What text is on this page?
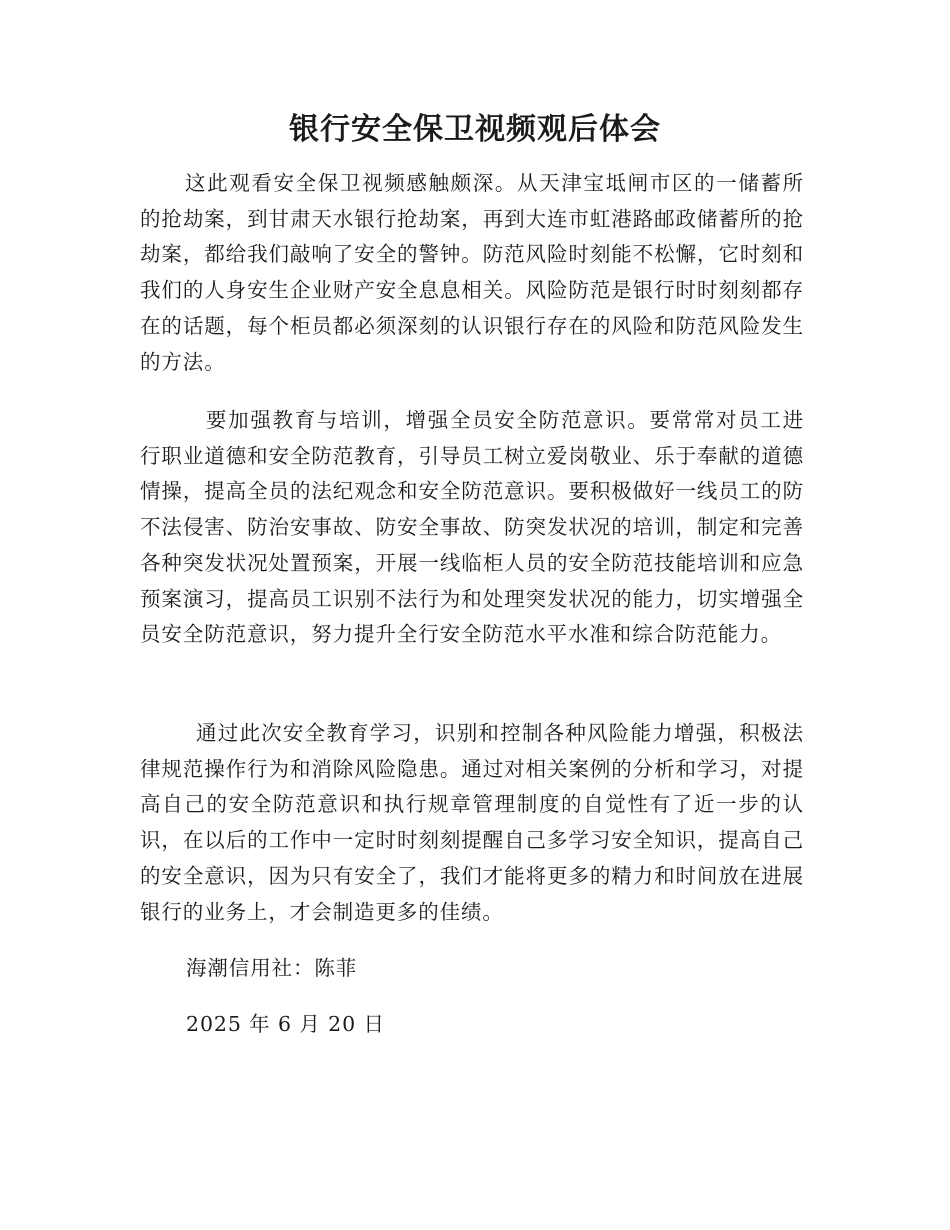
银行安全保卫视频观后体会

这此观看安全保卫视频感触颇深。从天津宝坻闸市区的一储蓄所的抢劫案，到甘肃天水银行抢劫案，再到大连市虹港路邮政储蓄所的抢劫案，都给我们敲响了安全的警钟。防范风险时刻能不松懈，它时刻和我们的人身安生企业财产安全息息相关。风险防范是银行时时刻刻都存在的话题，每个柜员都必须深刻的认识银行存在的风险和防范风险发生的方法。

要加强教育与培训，增强全员安全防范意识。要常常对员工进行职业道德和安全防范教育，引导员工树立爱岗敬业、乐于奉献的道德情操，提高全员的法纪观念和安全防范意识。要积极做好一线员工的防不法侵害、防治安事故、防安全事故、防突发状况的培训，制定和完善各种突发状况处置预案，开展一线临柜人员的安全防范技能培训和应急预案演习，提高员工识别不法行为和处理突发状况的能力，切实增强全员安全防范意识，努力提升全行安全防范水平水准和综合防范能力。

通过此次安全教育学习，识别和控制各种风险能力增强，积极法律规范操作行为和消除风险隐患。通过对相关案例的分析和学习，对提高自己的安全防范意识和执行规章管理制度的自觉性有了近一步的认识，在以后的工作中一定时时刻刻提醒自己多学习安全知识，提高自己的安全意识，因为只有安全了，我们才能将更多的精力和时间放在进展银行的业务上，才会制造更多的佳绩。

海潮信用社：陈菲
2025 年 6 月 20 日
